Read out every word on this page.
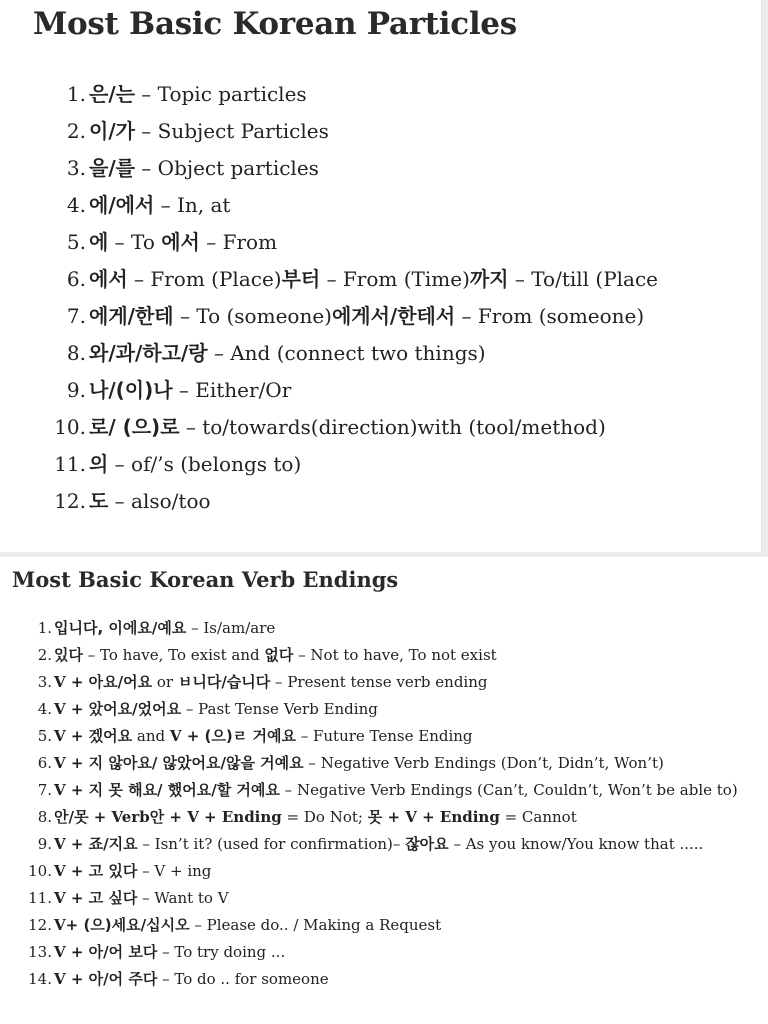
Most Basic Korean Particles
1. 은/는 – Topic particles
2. 이/가 – Subject Particles
3. 을/를 – Object particles
4. 에/에서 – In, at
5. 에 – To 에서 – From
6. 에서 – From (Place)부터 – From (Time)까지 – To/till (Place
7. 에게/한테 – To (someone)에게서/한테서 – From (someone)
8. 와/과/하고/랑 – And (connect two things)
9. 나/(이)나 – Either/Or
10. 로/ (으)로 – to/towards(direction)with (tool/method)
11. 의 – of/’s (belongs to)
12. 도 – also/too
Most Basic Korean Verb Endings
1. 입니다, 이에요/예요 – Is/am/are
2. 있다 – To have, To exist and 없다 – Not to have, To not exist
3. V + 아요/어요 or ㅂ니다/습니다 – Present tense verb ending
4. V + 았어요/었어요 – Past Tense Verb Ending
5. V + 겠어요 and V + (으)ㄹ 거예요 – Future Tense Ending
6. V + 지 않아요/ 않았어요/않을 거예요 – Negative Verb Endings (Don’t, Didn’t, Won’t)
7. V + 지 못 해요/ 했어요/할 거예요 – Negative Verb Endings (Can’t, Couldn’t, Won’t be able to)
8. 안/못 + Verb안 + V + Ending = Do Not; 못 + V + Ending = Cannot
9. V + 죠/지요 – Isn’t it? (used for confirmation)– 잖아요 – As you know/You know that .....
10. V + 고 있다 – V + ing
11. V + 고 싶다 – Want to V
12. V+ (으)세요/십시오 – Please do.. / Making a Request
13. V + 아/어 보다 – To try doing ...
14. V + 아/어 주다 – To do .. for someone
